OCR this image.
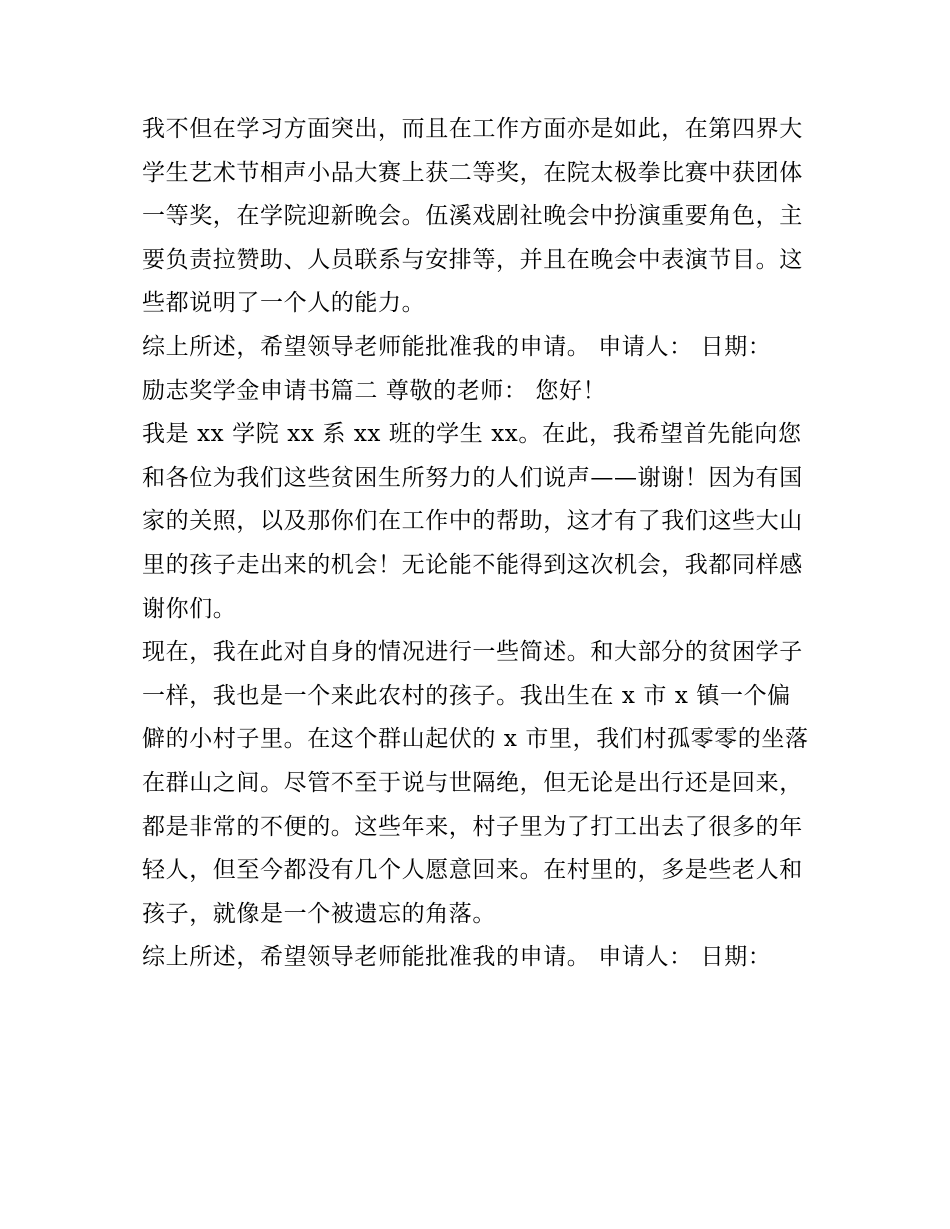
我不但在学习方面突出，而且在工作方面亦是如此，在第四界大学生艺术节相声小品大赛上获二等奖，在院太极拳比赛中获团体一等奖，在学院迎新晚会。伍溪戏剧社晚会中扮演重要角色，主要负责拉赞助、人员联系与安排等，并且在晚会中表演节目。这些都说明了一个人的能力。

综上所述，希望领导老师能批准我的申请。 申请人： 日期：

励志奖学金申请书篇二 尊敬的老师： 您好！

我是 xx 学院 xx 系 xx 班的学生 xx。在此，我希望首先能向您和各位为我们这些贫困生所努力的人们说声——谢谢！因为有国家的关照，以及那你们在工作中的帮助，这才有了我们这些大山里的孩子走出来的机会！无论能不能得到这次机会，我都同样感谢你们。

现在，我在此对自身的情况进行一些简述。和大部分的贫困学子一样，我也是一个来此农村的孩子。我出生在 x 市 x 镇一个偏僻的小村子里。在这个群山起伏的 x 市里，我们村孤零零的坐落在群山之间。尽管不至于说与世隔绝，但无论是出行还是回来，都是非常的不便的。这些年来，村子里为了打工出去了很多的年轻人，但至今都没有几个人愿意回来。在村里的，多是些老人和孩子，就像是一个被遗忘的角落。

综上所述，希望领导老师能批准我的申请。 申请人： 日期：
